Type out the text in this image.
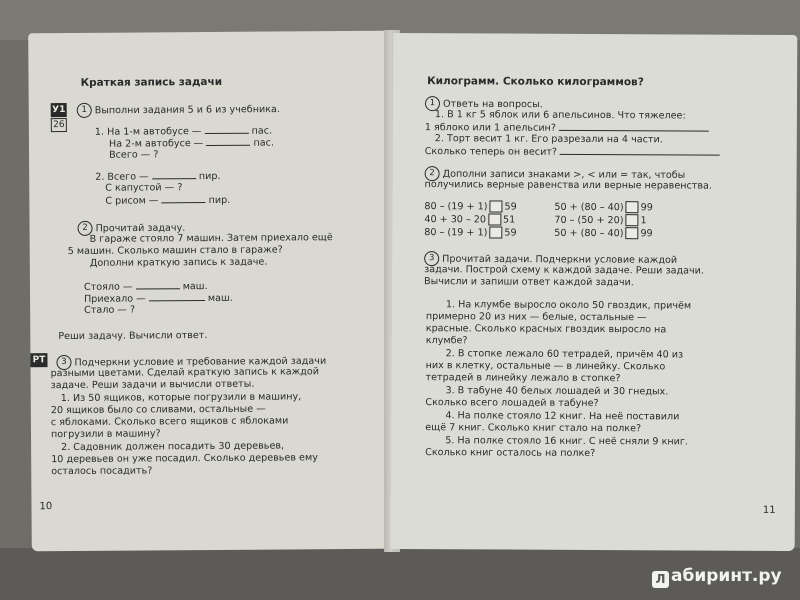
Краткая запись задачи
У1
26
1 Выполни задания 5 и 6 из учебника.
1. На 1-м автобусе —	пас.
На 2-м автобусе —	пас.
Всего — ?
2. Всего —	пир.
С капустой — ?
С рисом —	пир.
2 Прочитай задачу.
В гараже стояло 7 машин. Затем приехало ещё
5 машин. Сколько машин стало в гараже?
Дополни краткую запись к задаче.
Стояло —	маш.
Приехало —	маш.
Стало — ?
Реши задачу. Вычисли ответ.
РТ	3 Подчеркни условие и требование каждой задачи
разными цветами. Сделай краткую запись к каждой
задаче. Реши задачи и вычисли ответы.
1. Из 50 ящиков, которые погрузили в машину,
20 ящиков было со сливами, остальные —
с яблоками. Сколько всего ящиков с яблоками
погрузили в машину?
2. Садовник должен посадить 30 деревьев,
10 деревьев он уже посадил. Сколько деревьев ему
осталось посадить?
10
Килограмм. Сколько килограммов?
1 Ответь на вопросы.
1. В 1 кг 5 яблок или 6 апельсинов. Что тяжелее:
1 яблоко или 1 апельсин?
2. Торт весит 1 кг. Его разрезали на 4 части.
Сколько теперь он весит?
2 Дополни записи знаками >, < или = так, чтобы
получились верные равенства или верные неравенства.
80 – (19 + 1) 59
40 + 30 – 20 51
80 – (19 + 1) 59
50 + (80 – 40) 99
70 – (50 + 20) 1
50 + (80 – 40) 99
3 Прочитай задачи. Подчеркни условие каждой
задачи. Построй схему к каждой задаче. Реши задачи.
Вычисли и запиши ответ каждой задачи.
1. На клумбе выросло около 50 гвоздик, причём
примерно 20 из них — белые, остальные —
красные. Сколько красных гвоздик выросло на
клумбе?
2. В стопке лежало 60 тетрадей, причём 40 из
них в клетку, остальные — в линейку. Сколько
тетрадей в линейку лежало в стопке?
3. В табуне 40 белых лошадей и 30 гнедых.
Сколько всего лошадей в табуне?
4. На полке стояло 12 книг. На неё поставили
ещё 7 книг. Сколько книг стало на полке?
5. На полке стояло 16 книг. С неё сняли 9 книг.
Сколько книг осталось на полке?
11
Л абиринт.ру
